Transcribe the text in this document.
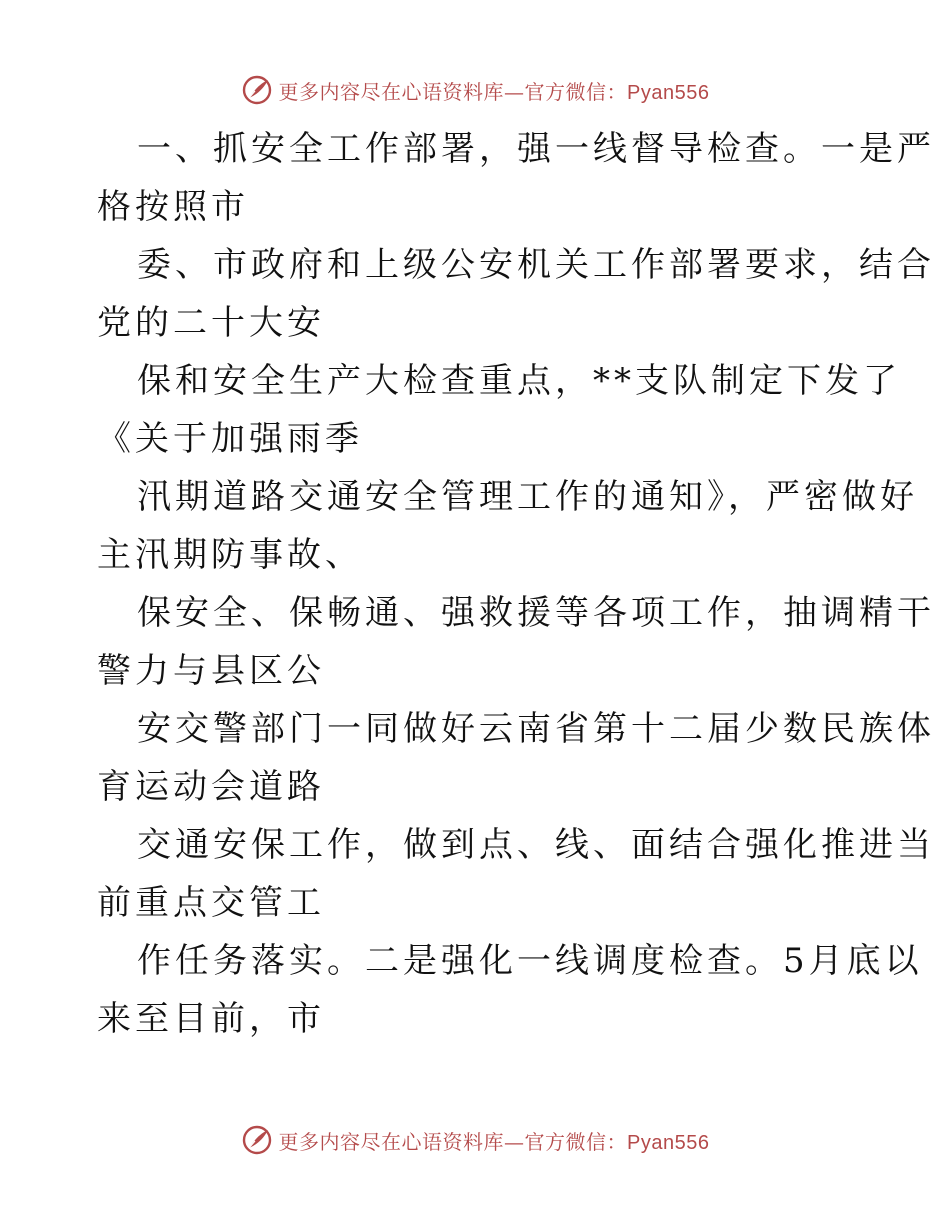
更多内容尽在心语资料库—官方微信：Pyan556
一、抓安全工作部署，强一线督导检查。一是严
格按照市
委、市政府和上级公安机关工作部署要求，结合
党的二十大安
保和安全生产大检查重点，**支队制定下发了
《关于加强雨季
汛期道路交通安全管理工作的通知》，严密做好
主汛期防事故、
保安全、保畅通、强救援等各项工作，抽调精干
警力与县区公
安交警部门一同做好云南省第十二届少数民族体
育运动会道路
交通安保工作，做到点、线、面结合强化推进当
前重点交管工
作任务落实。二是强化一线调度检查。5月底以
来至目前，市
更多内容尽在心语资料库—官方微信：Pyan556
